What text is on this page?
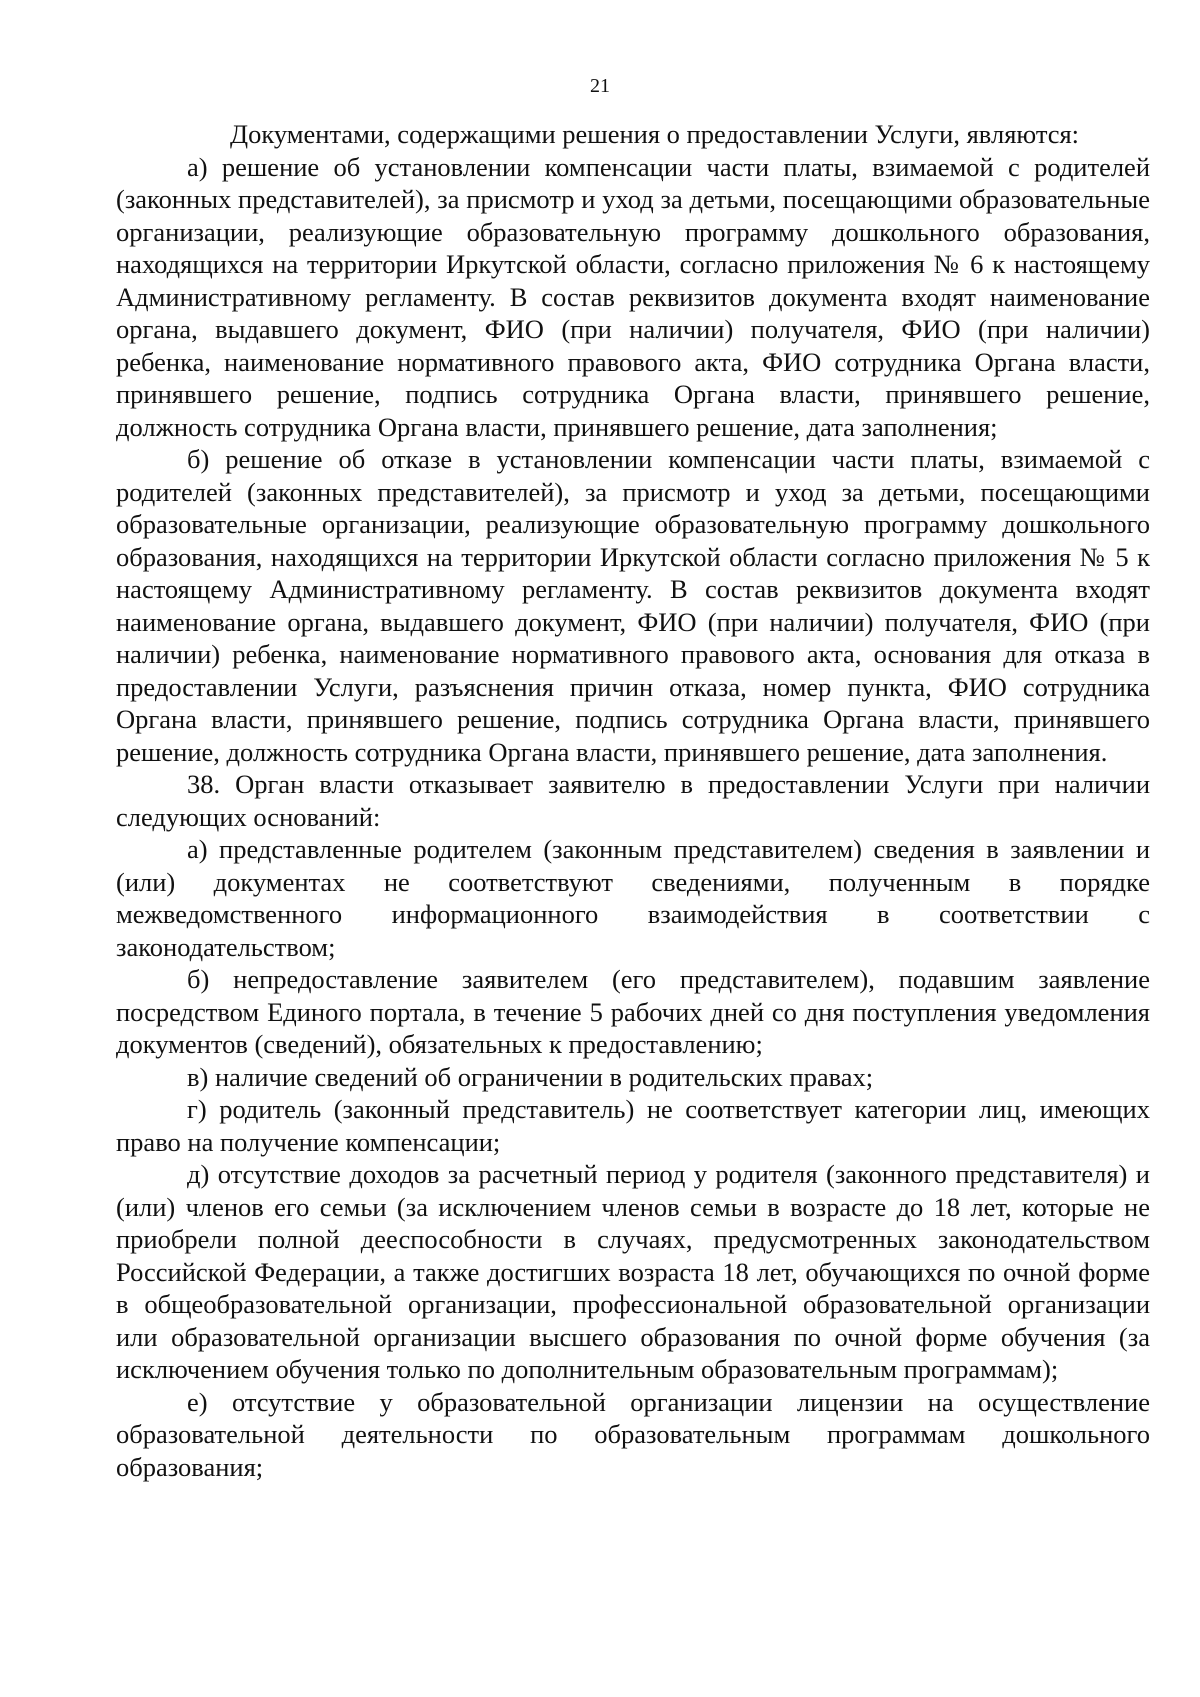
21

Документами, содержащими решения о предоставлении Услуги, являются:

а) решение об установлении компенсации части платы, взимаемой с родителей (законных представителей), за присмотр и уход за детьми, посещающими образовательные организации, реализующие образовательную программу дошкольного образования, находящихся на территории Иркутской области, согласно приложения № 6 к настоящему Административному регламенту. В состав реквизитов документа входят наименование органа, выдавшего документ, ФИО (при наличии) получателя, ФИО (при наличии) ребенка, наименование нормативного правового акта, ФИО сотрудника Органа власти, принявшего решение, подпись сотрудника Органа власти, принявшего решение, должность сотрудника Органа власти, принявшего решение, дата заполнения;

б) решение об отказе в установлении компенсации части платы, взимаемой с родителей (законных представителей), за присмотр и уход за детьми, посещающими образовательные организации, реализующие образовательную программу дошкольного образования, находящихся на территории Иркутской области согласно приложения № 5 к настоящему Административному регламенту. В состав реквизитов документа входят наименование органа, выдавшего документ, ФИО (при наличии) получателя, ФИО (при наличии) ребенка, наименование нормативного правового акта, основания для отказа в предоставлении Услуги, разъяснения причин отказа, номер пункта, ФИО сотрудника Органа власти, принявшего решение, подпись сотрудника Органа власти, принявшего решение, должность сотрудника Органа власти, принявшего решение, дата заполнения.

38. Орган власти отказывает заявителю в предоставлении Услуги при наличии следующих оснований:

а) представленные родителем (законным представителем) сведения в заявлении и (или) документах не соответствуют сведениями, полученным в порядке межведомственного информационного взаимодействия в соответствии с законодательством;

б) непредоставление заявителем (его представителем), подавшим заявление посредством Единого портала, в течение 5 рабочих дней со дня поступления уведомления документов (сведений), обязательных к предоставлению;

в) наличие сведений об ограничении в родительских правах;

г) родитель (законный представитель) не соответствует категории лиц, имеющих право на получение компенсации;

д) отсутствие доходов за расчетный период у родителя (законного представителя) и (или) членов его семьи (за исключением членов семьи в возрасте до 18 лет, которые не приобрели полной дееспособности в случаях, предусмотренных законодательством Российской Федерации, а также достигших возраста 18 лет, обучающихся по очной форме в общеобразовательной организации, профессиональной образовательной организации или образовательной организации высшего образования по очной форме обучения (за исключением обучения только по дополнительным образовательным программам);

е) отсутствие у образовательной организации лицензии на осуществление образовательной деятельности по образовательным программам дошкольного образования;
